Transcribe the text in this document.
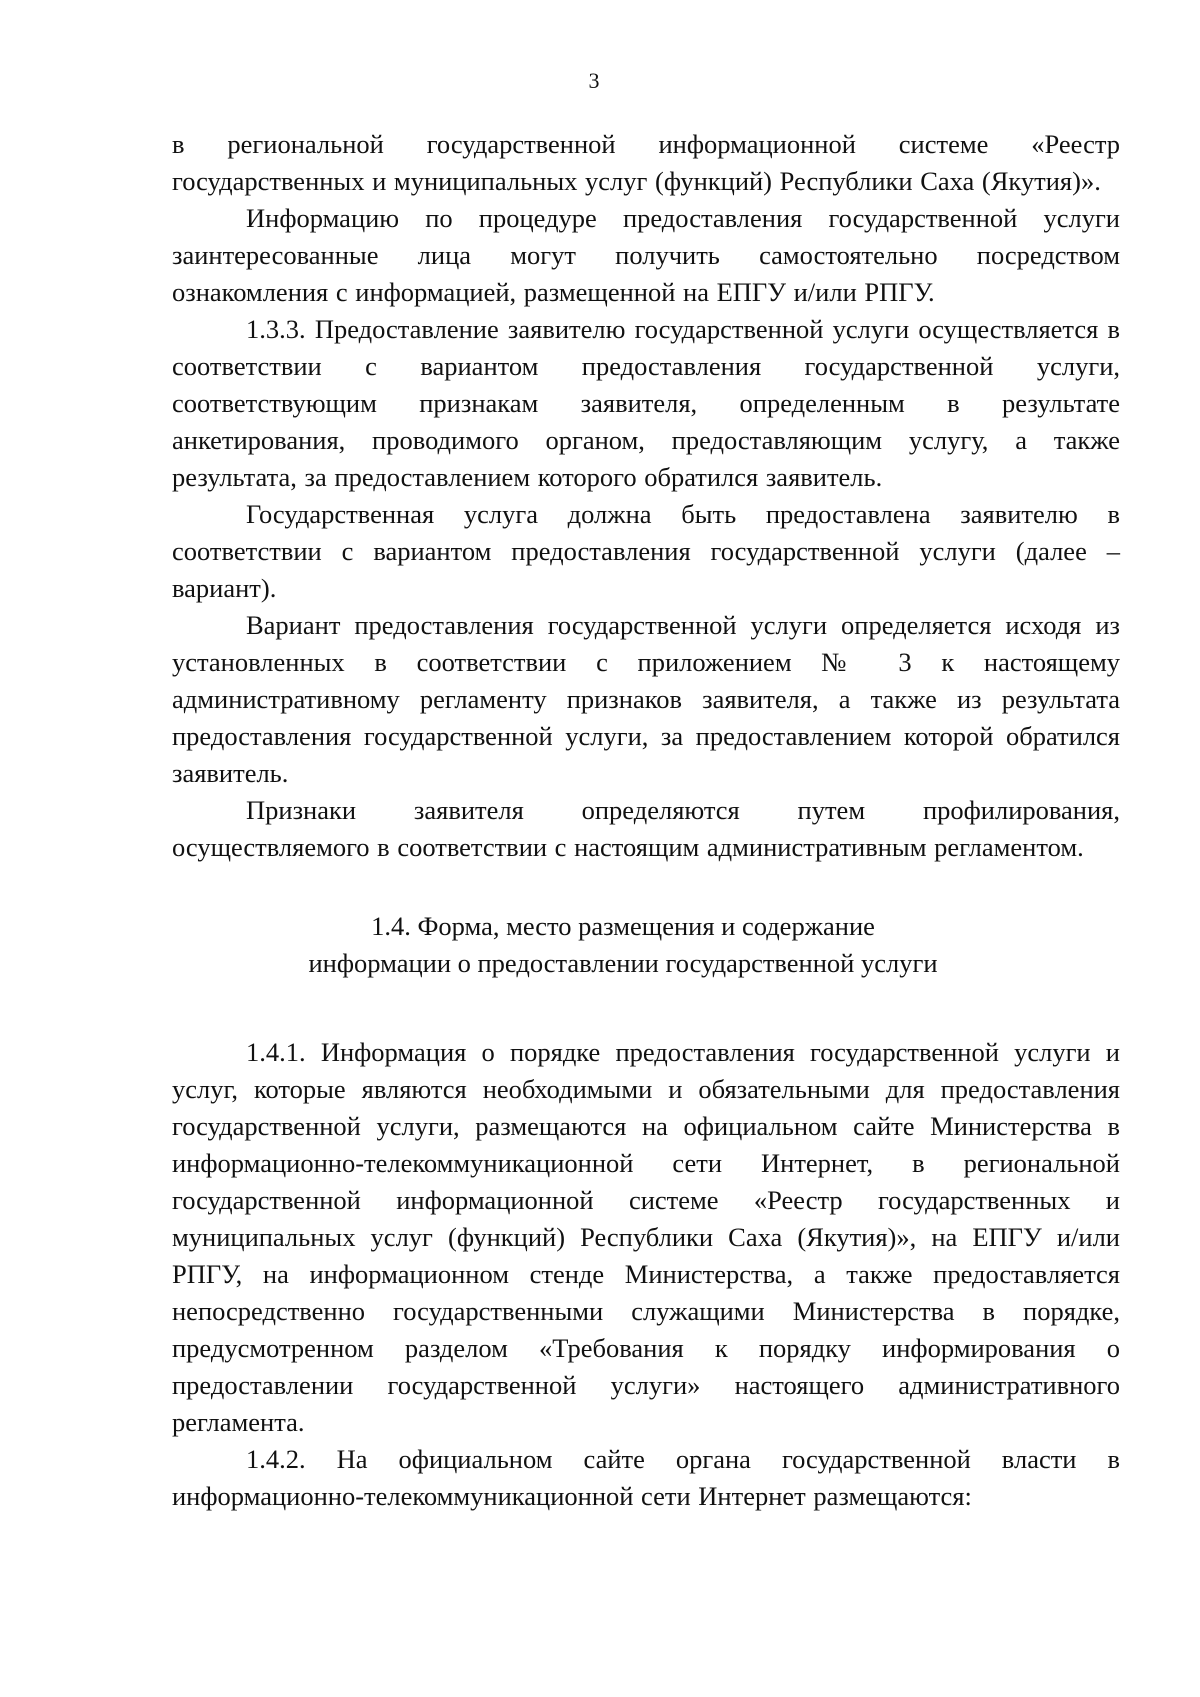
3

в региональной государственной информационной системе «Реестр государственных и муниципальных услуг (функций) Республики Саха (Якутия)».

Информацию по процедуре предоставления государственной услуги заинтересованные лица могут получить самостоятельно посредством ознакомления с информацией, размещенной на ЕПГУ и/или РПГУ.

1.3.3. Предоставление заявителю государственной услуги осуществляется в соответствии с вариантом предоставления государственной услуги, соответствующим признакам заявителя, определенным в результате анкетирования, проводимого органом, предоставляющим услугу, а также результата, за предоставлением которого обратился заявитель.

Государственная услуга должна быть предоставлена заявителю в соответствии с вариантом предоставления государственной услуги (далее – вариант).

Вариант предоставления государственной услуги определяется исходя из установленных в соответствии с приложением № 3 к настоящему административному регламенту признаков заявителя, а также из результата предоставления государственной услуги, за предоставлением которой обратился заявитель.

Признаки заявителя определяются путем профилирования, осуществляемого в соответствии с настоящим административным регламентом.

1.4. Форма, место размещения и содержание
информации о предоставлении государственной услуги

1.4.1. Информация о порядке предоставления государственной услуги и услуг, которые являются необходимыми и обязательными для предоставления государственной услуги, размещаются на официальном сайте Министерства в информационно-телекоммуникационной сети Интернет, в региональной государственной информационной системе «Реестр государственных и муниципальных услуг (функций) Республики Саха (Якутия)», на ЕПГУ и/или РПГУ, на информационном стенде Министерства, а также предоставляется непосредственно государственными служащими Министерства в порядке, предусмотренном разделом «Требования к порядку информирования о предоставлении государственной услуги» настоящего административного регламента.

1.4.2. На официальном сайте органа государственной власти в информационно-телекоммуникационной сети Интернет размещаются:
